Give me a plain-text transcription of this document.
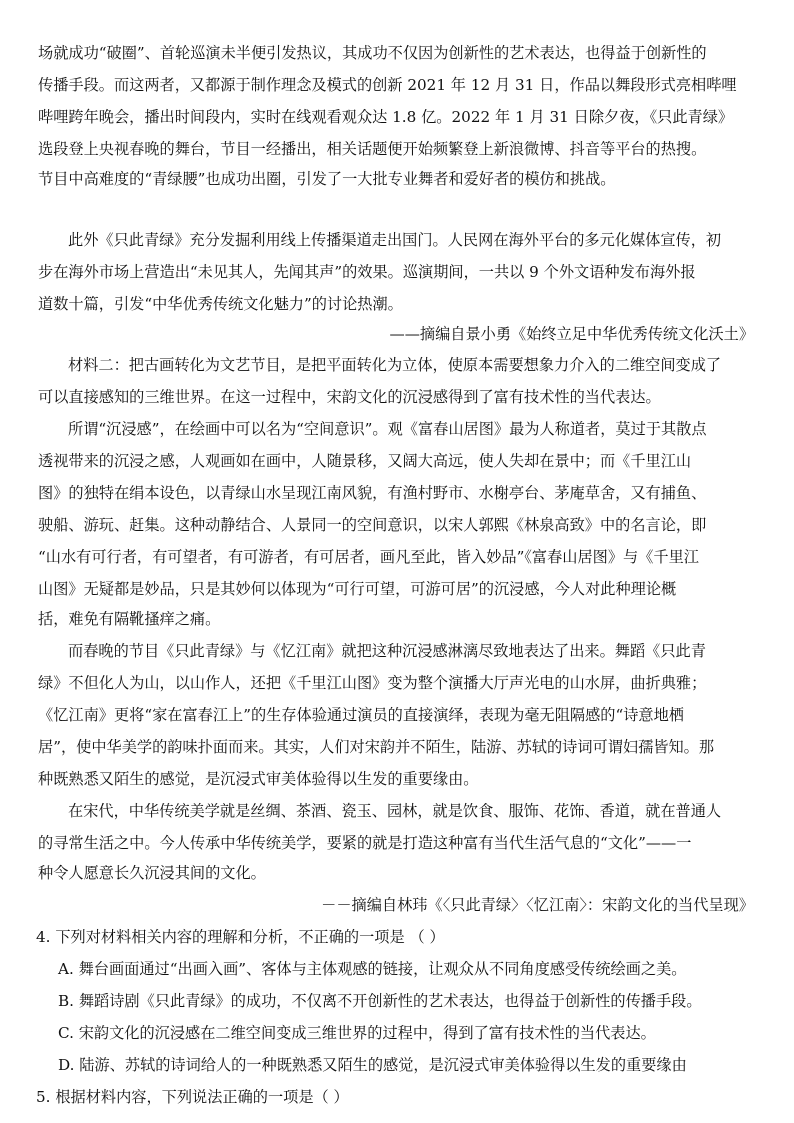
场就成功“破圈”、首轮巡演未半便引发热议，其成功不仅因为创新性的艺术表达，也得益于创新性的
传播手段。而这两者，又都源于制作理念及模式的创新 2021 年 12 月 31 日，作品以舞段形式亮相哔哩
哔哩跨年晚会，播出时间段内，实时在线观看观众达 1.8 亿。2022 年 1 月 31 日除夕夜，《只此青绿》
选段登上央视春晚的舞台，节目一经播出，相关话题便开始频繁登上新浪微博、抖音等平台的热搜。
节目中高难度的“青绿腰”也成功出圈，引发了一大批专业舞者和爱好者的模仿和挑战。
此外《只此青绿》充分发掘利用线上传播渠道走出国门。人民网在海外平台的多元化媒体宣传，初
步在海外市场上营造出“未见其人，先闻其声”的效果。巡演期间，一共以 9 个外文语种发布海外报
道数十篇，引发“中华优秀传统文化魅力”的讨论热潮。
——摘编自景小勇《始终立足中华优秀传统文化沃土》
材料二：把古画转化为文艺节目，是把平面转化为立体，使原本需要想象力介入的二维空间变成了
可以直接感知的三维世界。在这一过程中，宋韵文化的沉浸感得到了富有技术性的当代表达。
所谓“沉浸感”，在绘画中可以名为“空间意识”。观《富春山居图》最为人称道者，莫过于其散点
透视带来的沉浸之感，人观画如在画中，人随景移，又阔大高远，使人失却在景中；而《千里江山
图》的独特在绢本设色，以青绿山水呈现江南风貌，有渔村野市、水榭亭台、茅庵草舍，又有捕鱼、
驶船、游玩、赶集。这种动静结合、人景同一的空间意识，以宋人郭熙《林泉高致》中的名言论，即
“山水有可行者，有可望者，有可游者，有可居者，画凡至此，皆入妙品”《富春山居图》与《千里江
山图》无疑都是妙品，只是其妙何以体现为“可行可望，可游可居”的沉浸感，今人对此种理论概
括，难免有隔靴搔痒之痛。
而春晚的节目《只此青绿》与《忆江南》就把这种沉浸感淋漓尽致地表达了出来。舞蹈《只此青
绿》不但化人为山，以山作人，还把《千里江山图》变为整个演播大厅声光电的山水屏，曲折典雅；
《忆江南》更将“家在富春江上”的生存体验通过演员的直接演绎，表现为毫无阻隔感的“诗意地栖
居”，使中华美学的韵味扑面而来。其实，人们对宋韵并不陌生，陆游、苏轼的诗词可谓妇孺皆知。那
种既熟悉又陌生的感觉，是沉浸式审美体验得以生发的重要缘由。
在宋代，中华传统美学就是丝绸、茶酒、瓷玉、园林，就是饮食、服饰、花饰、香道，就在普通人
的寻常生活之中。今人传承中华传统美学，要紧的就是打造这种富有当代生活气息的“文化”——一
种令人愿意长久沉浸其间的文化。
－－摘编自林玮《〈只此青绿〉〈忆江南〉：宋韵文化的当代呈现》
4. 下列对材料相关内容的理解和分析，不正确的一项是 （ ）
A. 舞台画面通过“出画入画”、客体与主体观感的链接，让观众从不同角度感受传统绘画之美。
B. 舞蹈诗剧《只此青绿》的成功，不仅离不开创新性的艺术表达，也得益于创新性的传播手段。
C. 宋韵文化的沉浸感在二维空间变成三维世界的过程中，得到了富有技术性的当代表达。
D. 陆游、苏轼的诗词给人的一种既熟悉又陌生的感觉，是沉浸式审美体验得以生发的重要缘由
5. 根据材料内容，下列说法正确的一项是（ ）
